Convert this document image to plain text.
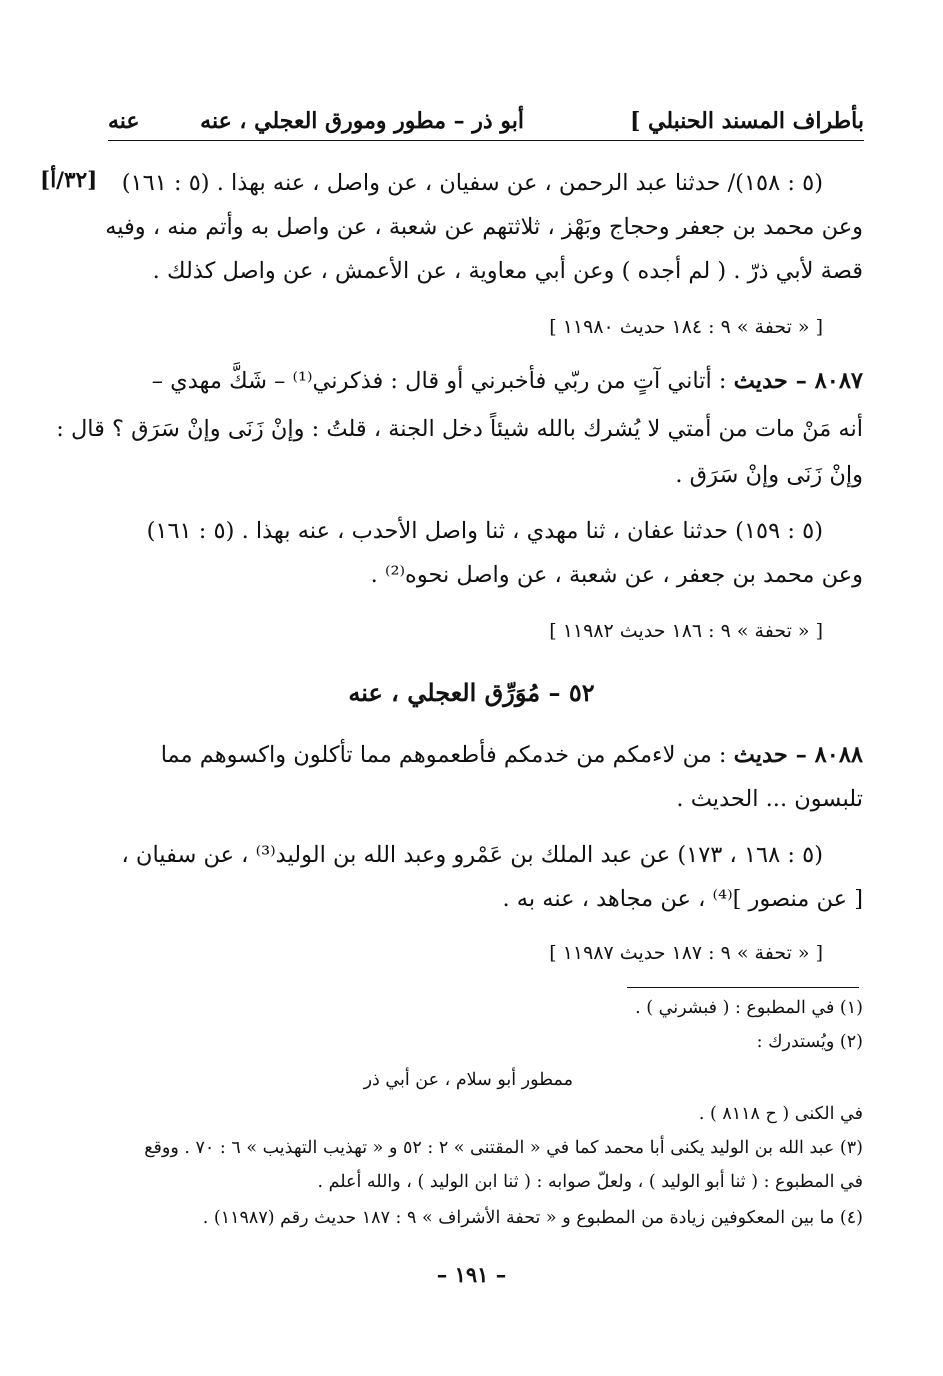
بأطراف المسند الحنبلي ]
أبو ذر – مطور ومورق العجلي ، عنه
عنه
[٣٢/أ] (٥ : ١٥٨)/ حدثنا عبد الرحمن ، عن سفيان ، عن واصل ، عنه بهذا . (٥ : ١٦١)
وعن محمد بن جعفر وحجاج وبَهْز ، ثلاثتهم عن شعبة ، عن واصل به وأتم منه ، وفيه
قصة لأبي ذرّ . ( لم أجده ) وعن أبي معاوية ، عن الأعمش ، عن واصل كذلك .
[ « تحفة » ٩ : ١٨٤ حديث ١١٩٨٠ ]
٨٠٨٧ – حديث : أتاني آتٍ من ربّي فأخبرني أو قال : فذكرني⁽¹⁾ – شَكَّ مهدي –
أنه مَنْ مات من أمتي لا يُشرك بالله شيئاً دخل الجنة ، قلتُ : وإنْ زَنَى وإنْ سَرَق ؟ قال :
وإنْ زَنَى وإنْ سَرَق .
(٥ : ١٥٩) حدثنا عفان ، ثنا مهدي ، ثنا واصل الأحدب ، عنه بهذا . (٥ : ١٦١)
وعن محمد بن جعفر ، عن شعبة ، عن واصل نحوه⁽²⁾ .
[ « تحفة » ٩ : ١٨٦ حديث ١١٩٨٢ ]
٥٢ – مُوَرِّق العجلي ، عنه
٨٠٨٨ – حديث : من لاءمكم من خدمكم فأطعموهم مما تأكلون واكسوهم مما
تلبسون ... الحديث .
(٥ : ١٦٨ ، ١٧٣) عن عبد الملك بن عَمْرو وعبد الله بن الوليد⁽³⁾ ، عن سفيان ،
[ عن منصور ]⁽⁴⁾ ، عن مجاهد ، عنه به .
[ « تحفة » ٩ : ١٨٧ حديث ١١٩٨٧ ]
(١) في المطبوع : ( فبشرني ) .
(٢) ويُستدرك :
ممطور أبو سلام ، عن أبي ذر
في الكنى ( ح ٨١١٨ ) .
(٣) عبد الله بن الوليد يكنى أبا محمد كما في « المقتنى » ٢ : ٥٢ و « تهذيب التهذيب » ٦ : ٧٠ . ووقع
في المطبوع : ( ثنا أبو الوليد ) ، ولعلّ صوابه : ( ثنا ابن الوليد ) ، والله أعلم .
(٤) ما بين المعكوفين زيادة من المطبوع و « تحفة الأشراف » ٩ : ١٨٧ حديث رقم (١١٩٨٧) .
– ١٩١ –
